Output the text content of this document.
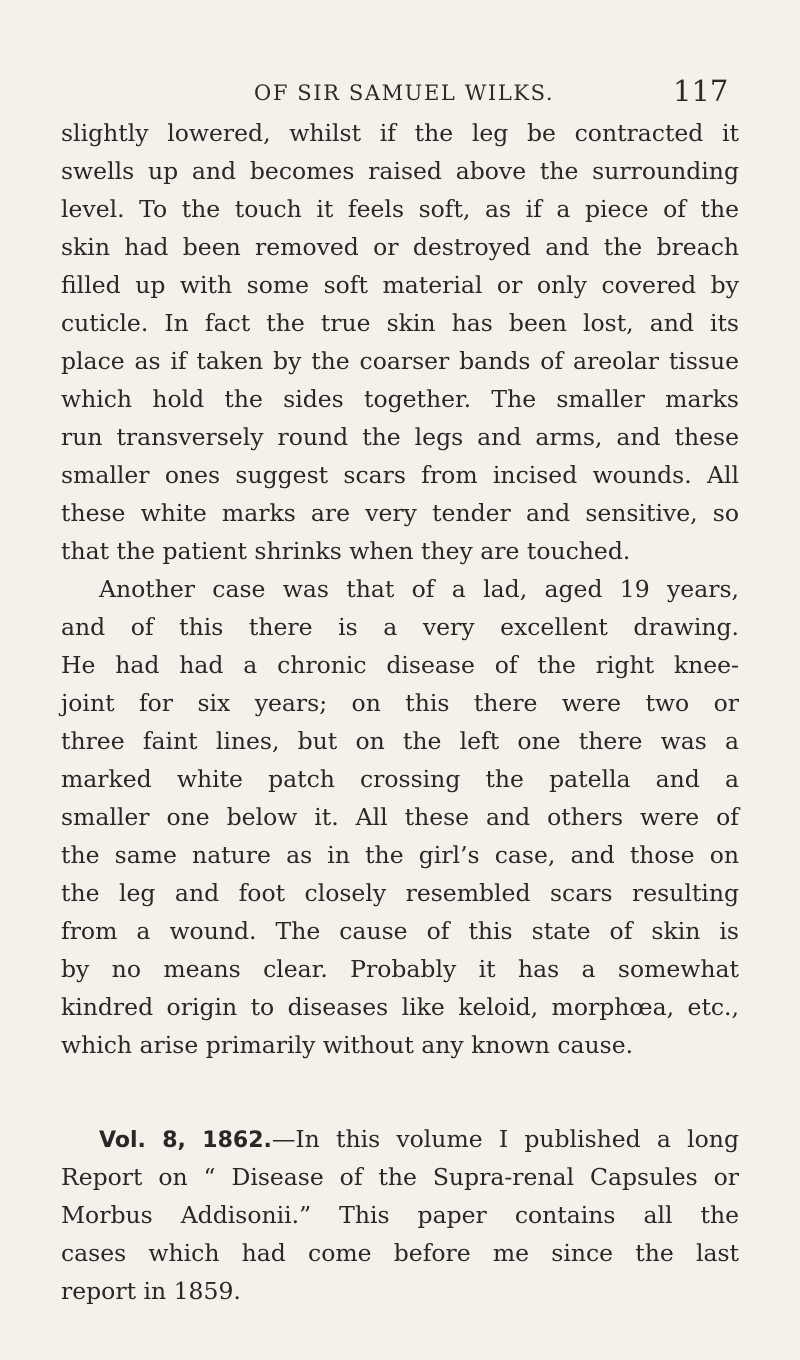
OF SIR SAMUEL WILKS.	117
slightly lowered, whilst if the leg be contracted it
swells up and becomes raised above the surrounding
level. To the touch it feels soft, as if a piece of the
skin had been removed or destroyed and the breach
filled up with some soft material or only covered by
cuticle. In fact the true skin has been lost, and its
place as if taken by the coarser bands of areolar tissue
which hold the sides together. The smaller marks
run transversely round the legs and arms, and these
smaller ones suggest scars from incised wounds. All
these white marks are very tender and sensitive, so
that the patient shrinks when they are touched.
Another case was that of a lad, aged 19 years,
and of this there is a very excellent drawing.
He had had a chronic disease of the right knee-
joint for six years; on this there were two or
three faint lines, but on the left one there was a
marked white patch crossing the patella and a
smaller one below it. All these and others were of
the same nature as in the girl’s case, and those on
the leg and foot closely resembled scars resulting
from a wound. The cause of this state of skin is
by no means clear. Probably it has a somewhat
kindred origin to diseases like keloid, morphœa, etc.,
which arise primarily without any known cause.
Vol. 8, 1862.—In this volume I published a long
Report on “ Disease of the Supra-renal Capsules or
Morbus Addisonii.” This paper contains all the
cases which had come before me since the last
report in 1859.
